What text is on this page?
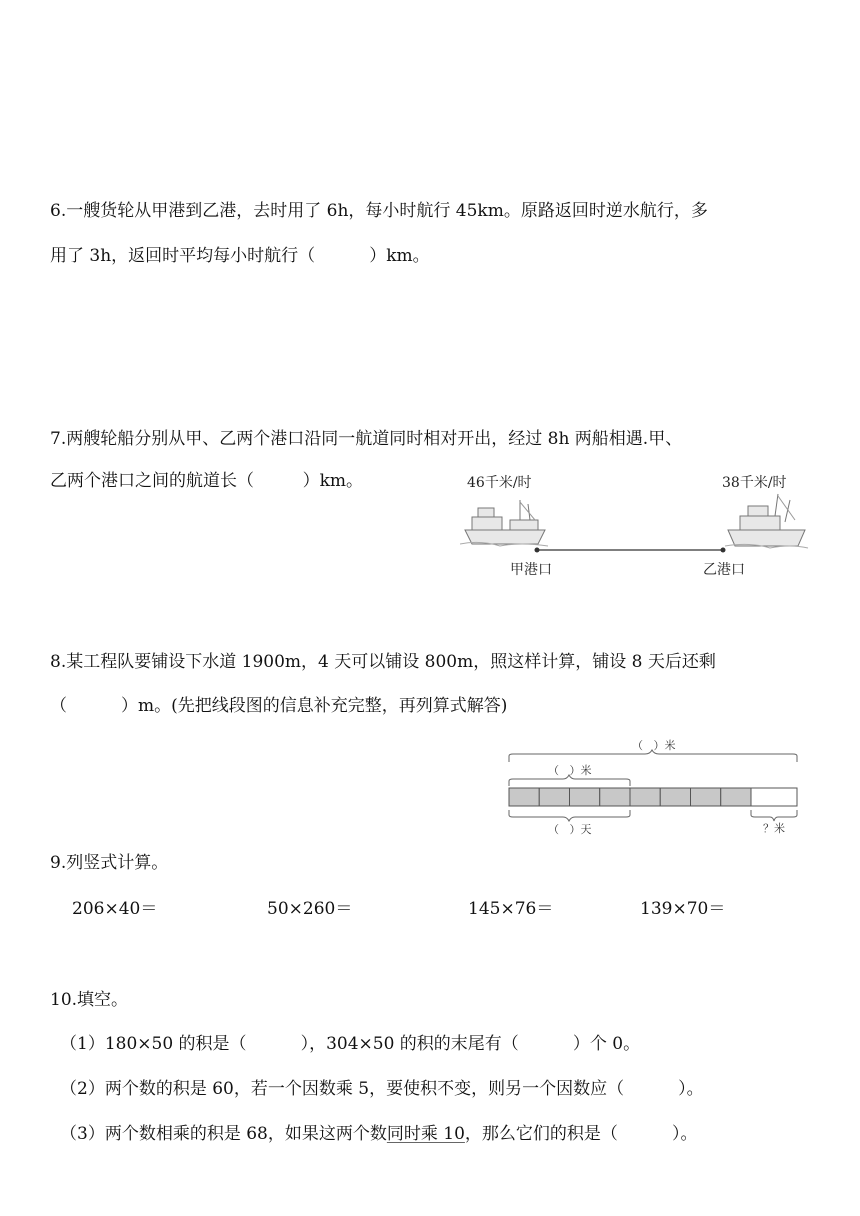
6.一艘货轮从甲港到乙港，去时用了 6h，每小时航行 45km。原路返回时逆水航行，多
用了 3h，返回时平均每小时航行（          ）km。
7.两艘轮船分别从甲、乙两个港口沿同一航道同时相对开出，经过 8h 两船相遇.甲、
乙两个港口之间的航道长（         ）km。	46千米/时	38千米/时
甲港口	乙港口
8.某工程队要铺设下水道 1900m，4 天可以铺设 800m，照这样计算，铺设 8 天后还剩
（          ）m。(先把线段图的信息补充完整，再列算式解答)
（   ）米
（   ）米
（   ）天	？米
9.列竖式计算。
206×40＝	50×260＝	145×76＝	139×70＝
10.填空。
（1）180×50 的积是（          ），304×50 的积的末尾有（          ）个 0。
（2）两个数的积是 60，若一个因数乘 5，要使积不变，则另一个因数应（          ）。
（3）两个数相乘的积是 68，如果这两个数同时乘 10，那么它们的积是（          ）。
